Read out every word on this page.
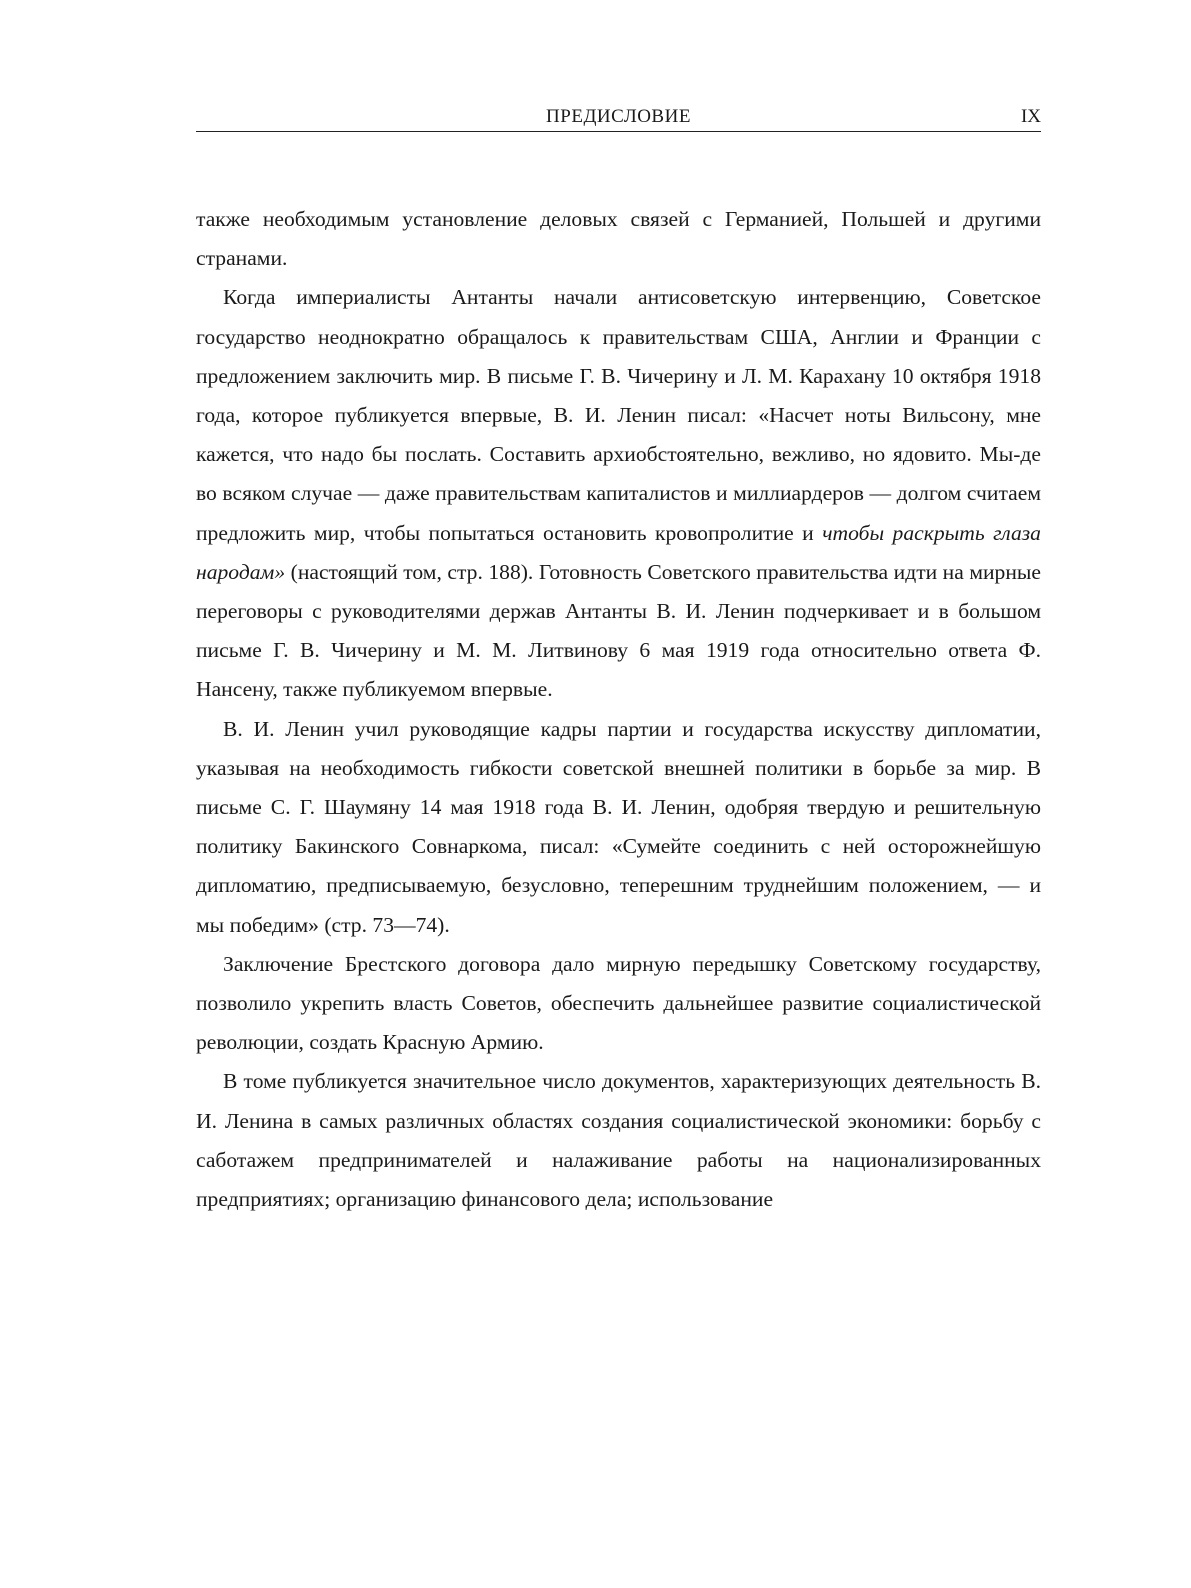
ПРЕДИСЛОВИЕ	IX

также необходимым установление деловых связей с Германией, Польшей и другими странами.

Когда империалисты Антанты начали антисоветскую интервенцию, Советское государство неоднократно обращалось к правительствам США, Англии и Франции с предложением заключить мир. В письме Г. В. Чичерину и Л. М. Карахану 10 октября 1918 года, которое публикуется впервые, В. И. Ленин писал: «Насчет ноты Вильсону, мне кажется, что надо бы послать. Составить архиобстоятельно, вежливо, но ядовито. Мы-де во всяком случае — даже правительствам капиталистов и миллиардеров — долгом считаем предложить мир, чтобы попытаться остановить кровопролитие и чтобы раскрыть глаза народам» (настоящий том, стр. 188). Готовность Советского правительства идти на мирные переговоры с руководителями держав Антанты В. И. Ленин подчеркивает и в большом письме Г. В. Чичерину и М. М. Литвинову 6 мая 1919 года относительно ответа Ф. Нансену, также публикуемом впервые.

В. И. Ленин учил руководящие кадры партии и государства искусству дипломатии, указывая на необходимость гибкости советской внешней политики в борьбе за мир. В письме С. Г. Шаумяну 14 мая 1918 года В. И. Ленин, одобряя твердую и решительную политику Бакинского Совнаркома, писал: «Сумейте соединить с ней осторожнейшую дипломатию, предписываемую, безусловно, теперешним труднейшим положением, — и мы победим» (стр. 73—74).

Заключение Брестского договора дало мирную передышку Советскому государству, позволило укрепить власть Советов, обеспечить дальнейшее развитие социалистической революции, создать Красную Армию.

В томе публикуется значительное число документов, характеризующих деятельность В. И. Ленина в самых различных областях создания социалистической экономики: борьбу с саботажем предпринимателей и налаживание работы на национализированных предприятиях; организацию финансового дела; использование
